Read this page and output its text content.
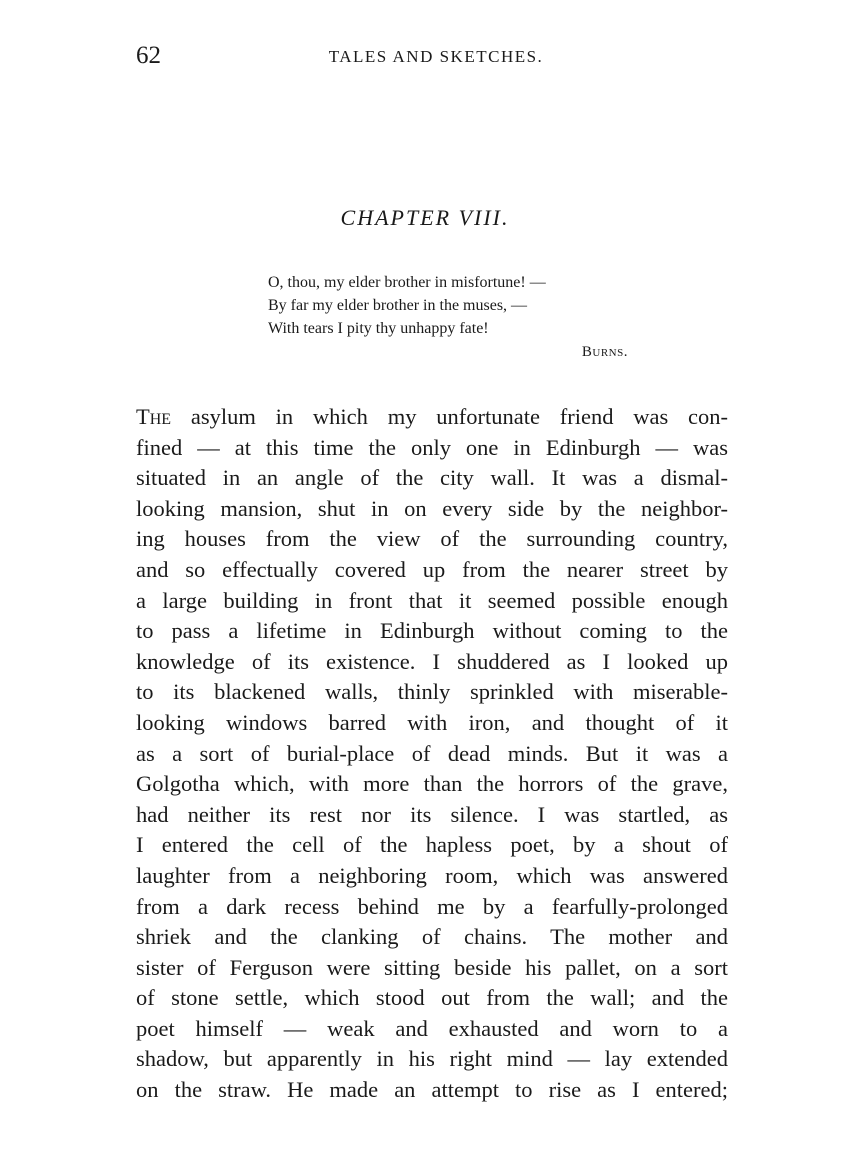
62	TALES AND SKETCHES.
CHAPTER VIII.
O, thou, my elder brother in misfortune! —
By far my elder brother in the muses, —
With tears I pity thy unhappy fate!
Burns.
The asylum in which my unfortunate friend was con-
fined — at this time the only one in Edinburgh — was
situated in an angle of the city wall. It was a dismal-
looking mansion, shut in on every side by the neighbor-
ing houses from the view of the surrounding country,
and so effectually covered up from the nearer street by
a large building in front that it seemed possible enough
to pass a lifetime in Edinburgh without coming to the
knowledge of its existence. I shuddered as I looked up
to its blackened walls, thinly sprinkled with miserable-
looking windows barred with iron, and thought of it
as a sort of burial-place of dead minds. But it was a
Golgotha which, with more than the horrors of the grave,
had neither its rest nor its silence. I was startled, as
I entered the cell of the hapless poet, by a shout of
laughter from a neighboring room, which was answered
from a dark recess behind me by a fearfully-prolonged
shriek and the clanking of chains. The mother and
sister of Ferguson were sitting beside his pallet, on a sort
of stone settle, which stood out from the wall; and the
poet himself — weak and exhausted and worn to a
shadow, but apparently in his right mind — lay extended
on the straw. He made an attempt to rise as I entered;
